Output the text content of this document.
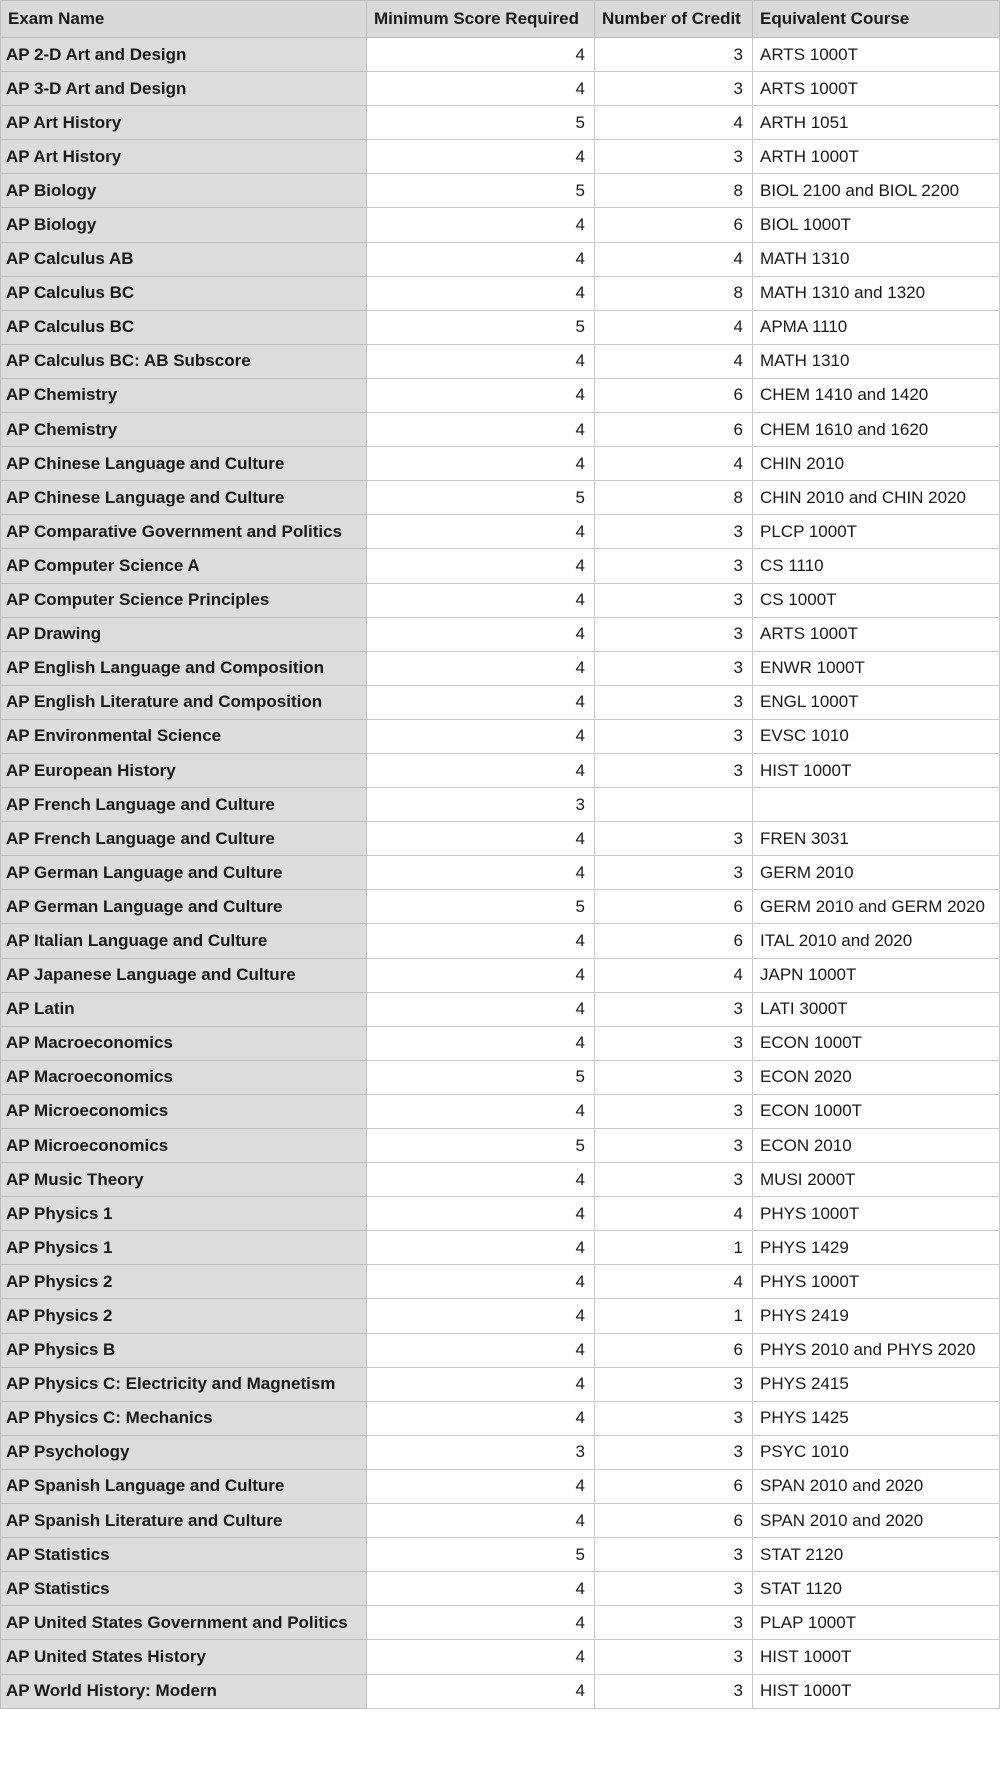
Exam Name	Minimum Score Required	Number of Credit	Equivalent Course
AP 2-D Art and Design	4	3	ARTS 1000T
AP 3-D Art and Design	4	3	ARTS 1000T
AP Art History	5	4	ARTH 1051
AP Art History	4	3	ARTH 1000T
AP Biology	5	8	BIOL 2100 and BIOL 2200
AP Biology	4	6	BIOL 1000T
AP Calculus AB	4	4	MATH 1310
AP Calculus BC	4	8	MATH 1310 and 1320
AP Calculus BC	5	4	APMA 1110
AP Calculus BC: AB Subscore	4	4	MATH 1310
AP Chemistry	4	6	CHEM 1410 and 1420
AP Chemistry	4	6	CHEM 1610 and 1620
AP Chinese Language and Culture	4	4	CHIN 2010
AP Chinese Language and Culture	5	8	CHIN 2010 and CHIN 2020
AP Comparative Government and Politics	4	3	PLCP 1000T
AP Computer Science A	4	3	CS 1110
AP Computer Science Principles	4	3	CS 1000T
AP Drawing	4	3	ARTS 1000T
AP English Language and Composition	4	3	ENWR 1000T
AP English Literature and Composition	4	3	ENGL 1000T
AP Environmental Science	4	3	EVSC 1010
AP European History	4	3	HIST 1000T
AP French Language and Culture	3		
AP French Language and Culture	4	3	FREN 3031
AP German Language and Culture	4	3	GERM 2010
AP German Language and Culture	5	6	GERM 2010 and GERM 2020
AP Italian Language and Culture	4	6	ITAL 2010 and 2020
AP Japanese Language and Culture	4	4	JAPN 1000T
AP Latin	4	3	LATI 3000T
AP Macroeconomics	4	3	ECON 1000T
AP Macroeconomics	5	3	ECON 2020
AP Microeconomics	4	3	ECON 1000T
AP Microeconomics	5	3	ECON 2010
AP Music Theory	4	3	MUSI 2000T
AP Physics 1	4	4	PHYS 1000T
AP Physics 1	4	1	PHYS 1429
AP Physics 2	4	4	PHYS 1000T
AP Physics 2	4	1	PHYS 2419
AP Physics B	4	6	PHYS 2010 and PHYS 2020
AP Physics C: Electricity and Magnetism	4	3	PHYS 2415
AP Physics C: Mechanics	4	3	PHYS 1425
AP Psychology	3	3	PSYC 1010
AP Spanish Language and Culture	4	6	SPAN 2010 and 2020
AP Spanish Literature and Culture	4	6	SPAN 2010 and 2020
AP Statistics	5	3	STAT 2120
AP Statistics	4	3	STAT 1120
AP United States Government and Politics	4	3	PLAP 1000T
AP United States History	4	3	HIST 1000T
AP World History: Modern	4	3	HIST 1000T
